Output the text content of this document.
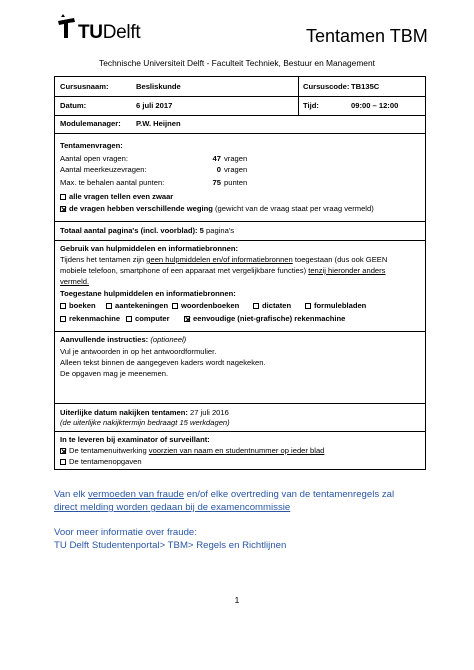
TUDelft	Tentamen TBM
Technische Universiteit Delft - Faculteit Techniek, Bestuur en Management
Cursusnaam:	Besliskunde	Cursuscode: TB135C
Datum:	6 juli 2017	Tijd:	09:00 – 12:00
Modulemanager: P.W. Heijnen
Tentamenvragen:
Aantal open vragen:	47 vragen
Aantal meerkeuzevragen:	0 vragen
Max. te behalen aantal punten:	75 punten
alle vragen tellen even zwaar
de vragen hebben verschillende weging (gewicht van de vraag staat per vraag vermeld)
Totaal aantal pagina's (incl. voorblad): 5 pagina's
Gebruik van hulpmiddelen en informatiebronnen:
Tijdens het tentamen zijn geen hulpmiddelen en/of informatiebronnen toegestaan (dus ook GEEN
mobiele telefoon, smartphone of een apparaat met vergelijkbare functies) tenzij hieronder anders
vermeld.
Toegestane hulpmiddelen en informatiebronnen:
boeken	aantekeningen	woordenboeken	dictaten	formulebladen
rekenmachine	computer	eenvoudige (niet-grafische) rekenmachine
Aanvullende instructies: (optioneel)
Vul je antwoorden in op het antwoordformulier.
Alleen tekst binnen de aangegeven kaders wordt nagekeken.
De opgaven mag je meenemen.
Uiterlijke datum nakijken tentamen: 27 juli 2016
(de uiterlijke nakijktermijn bedraagt 15 werkdagen)
In te leveren bij examinator of surveillant:
De tentamenuitwerking voorzien van naam en studentnummer op ieder blad
De tentamenopgaven
Van elk vermoeden van fraude en/of elke overtreding van de tentamenregels zal
direct melding worden gedaan bij de examencommissie
Voor meer informatie over fraude:
TU Delft Studentenportal> TBM> Regels en Richtlijnen
1
